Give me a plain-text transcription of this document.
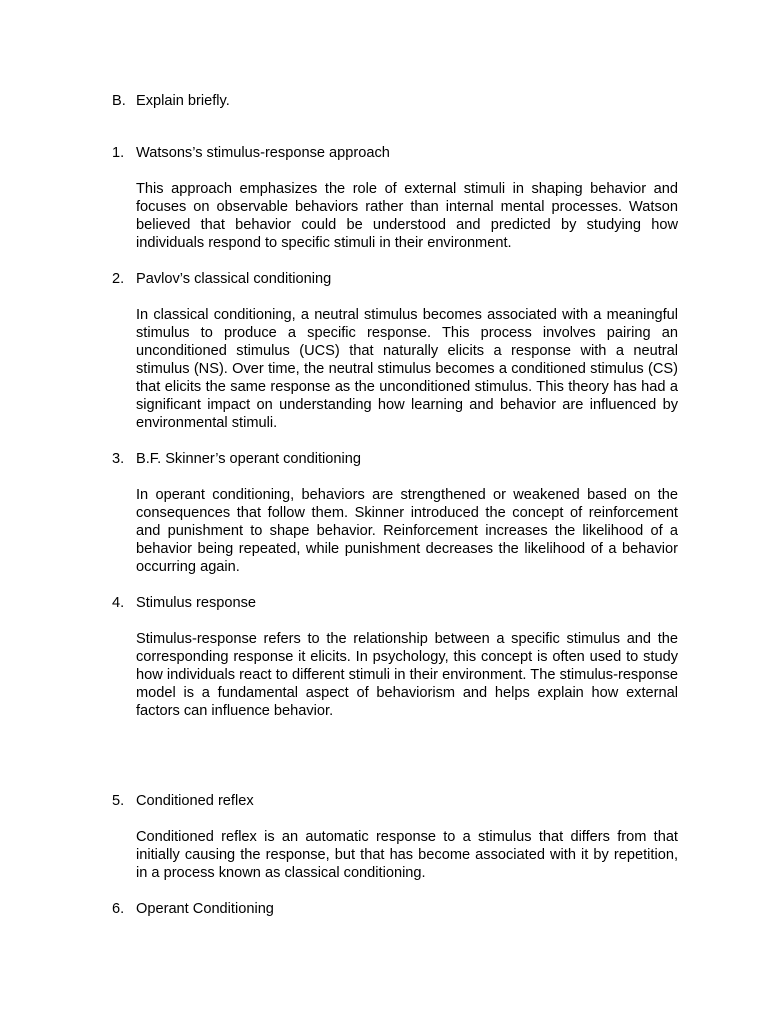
B. Explain briefly.
1. Watsons’s stimulus-response approach

This approach emphasizes the role of external stimuli in shaping behavior and focuses on observable behaviors rather than internal mental processes. Watson believed that behavior could be understood and predicted by studying how individuals respond to specific stimuli in their environment.

2. Pavlov’s classical conditioning

In classical conditioning, a neutral stimulus becomes associated with a meaningful stimulus to produce a specific response. This process involves pairing an unconditioned stimulus (UCS) that naturally elicits a response with a neutral stimulus (NS). Over time, the neutral stimulus becomes a conditioned stimulus (CS) that elicits the same response as the unconditioned stimulus. This theory has had a significant impact on understanding how learning and behavior are influenced by environmental stimuli.

3. B.F. Skinner’s operant conditioning

In operant conditioning, behaviors are strengthened or weakened based on the consequences that follow them. Skinner introduced the concept of reinforcement and punishment to shape behavior. Reinforcement increases the likelihood of a behavior being repeated, while punishment decreases the likelihood of a behavior occurring again.

4. Stimulus response

Stimulus-response refers to the relationship between a specific stimulus and the corresponding response it elicits. In psychology, this concept is often used to study how individuals react to different stimuli in their environment. The stimulus-response model is a fundamental aspect of behaviorism and helps explain how external factors can influence behavior.

5. Conditioned reflex

Conditioned reflex is an automatic response to a stimulus that differs from that initially causing the response, but that has become associated with it by repetition, in a process known as classical conditioning.

6. Operant Conditioning
